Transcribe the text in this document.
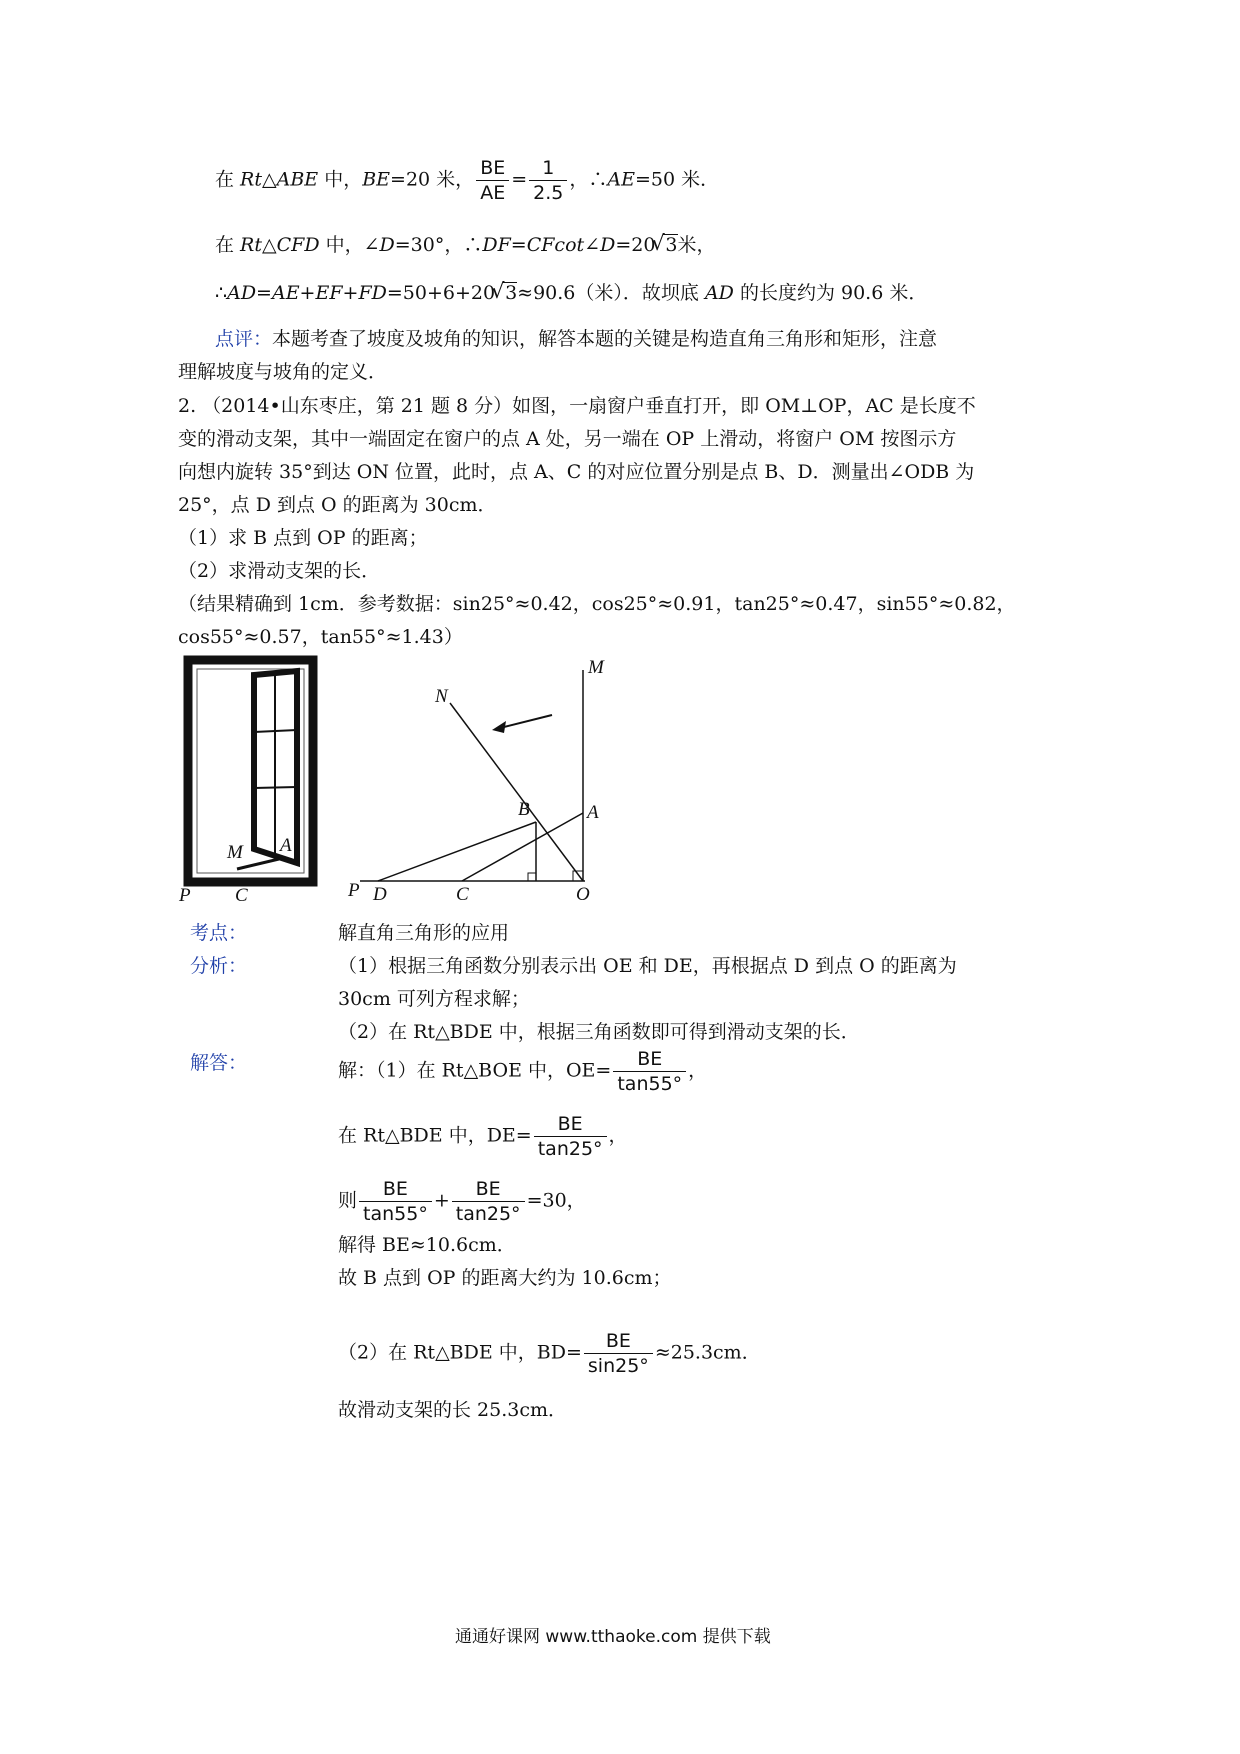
在 Rt△ABE 中，BE=20 米， $\frac{BE}{AE} = \frac{1}{2.5}$ ，∴AE=50 米．
在 Rt△CFD 中，∠D=30°，∴DF=CFcot∠D=20 √ 3米，
∴AD=AE+EF+FD=50+6+20 √ 3≈90.6（米）．故坝底 AD 的长度约为 90.6 米．
点评：本题考查了坡度及坡角的知识，解答本题的关键是构造直角三角形和矩形，注意
理解坡度与坡角的定义．
2. （2014•山东枣庄，第 21 题 8 分）如图，一扇窗户垂直打开，即 OM⊥OP，AC 是长度不
变的滑动支架，其中一端固定在窗户的点 A 处，另一端在 OP 上滑动，将窗户 OM 按图示方
向想内旋转 35°到达 ON 位置，此时，点 A、C 的对应位置分别是点 B、D．测量出∠ODB 为
25°，点 D 到点 O 的距离为 30cm．
（1）求 B 点到 OP 的距离；
（2）求滑动支架的长．
（结果精确到 1cm．参考数据：sin25°≈0.42，cos25°≈0.91，tan25°≈0.47，sin55°≈0.82，
cos55°≈0.57，tan55°≈1.43）
M A
P C
M
N
B	A
P D	C	O
考点：	解直角三角形的应用
分析：	（1）根据三角函数分别表示出 OE 和 DE，再根据点 D 到点 O 的距离为
30cm 可列方程求解；
（2）在 Rt△BDE 中，根据三角函数即可得到滑动支架的长．
解答：	解：（1）在 Rt△BOE 中，$OE= \frac{BE}{\tan 55^\circ}$ ，
在 Rt△BDE 中，$DE= \frac{BE}{\tan 25^\circ}$ ，
则 $\frac{BE}{\tan 55^\circ} + \frac{BE}{\tan 25^\circ} =30$，
解得 BE≈10.6cm．
故 B 点到 OP 的距离大约为 10.6cm；
（2）在 Rt△BDE 中，$BD= \frac{BE}{\sin 25^\circ} \approx 25.3cm$．
故滑动支架的长 25.3cm．
通通好课网 www.tthaoke.com 提供下载
